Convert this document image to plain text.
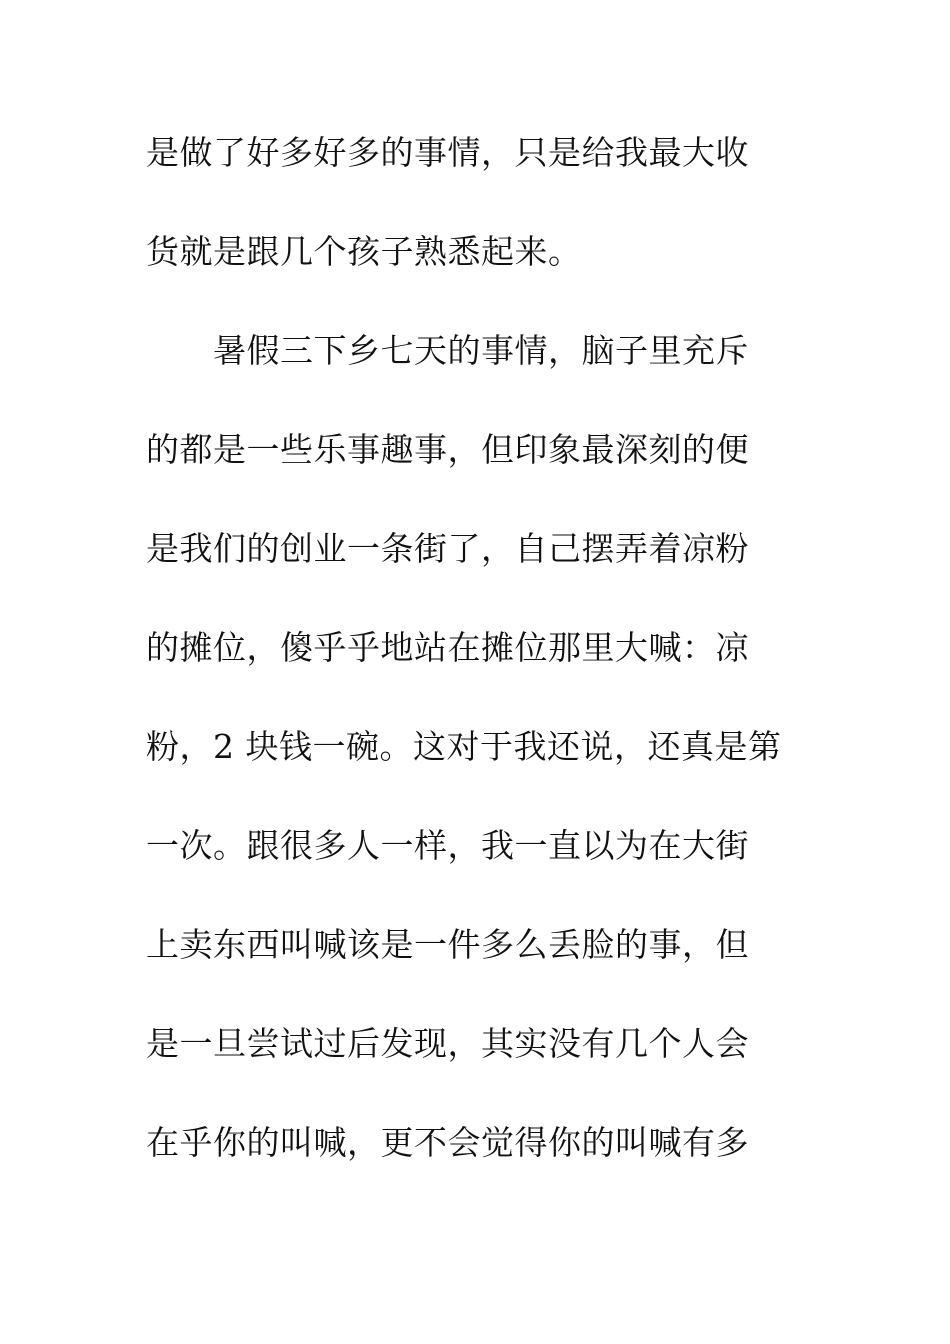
是做了好多好多的事情，只是给我最大收
货就是跟几个孩子熟悉起来。
　　暑假三下乡七天的事情，脑子里充斥
的都是一些乐事趣事，但印象最深刻的便
是我们的创业一条街了，自己摆弄着凉粉
的摊位，傻乎乎地站在摊位那里大喊：凉
粉，2 块钱一碗。这对于我还说，还真是第
一次。跟很多人一样，我一直以为在大街
上卖东西叫喊该是一件多么丢脸的事，但
是一旦尝试过后发现，其实没有几个人会
在乎你的叫喊，更不会觉得你的叫喊有多
